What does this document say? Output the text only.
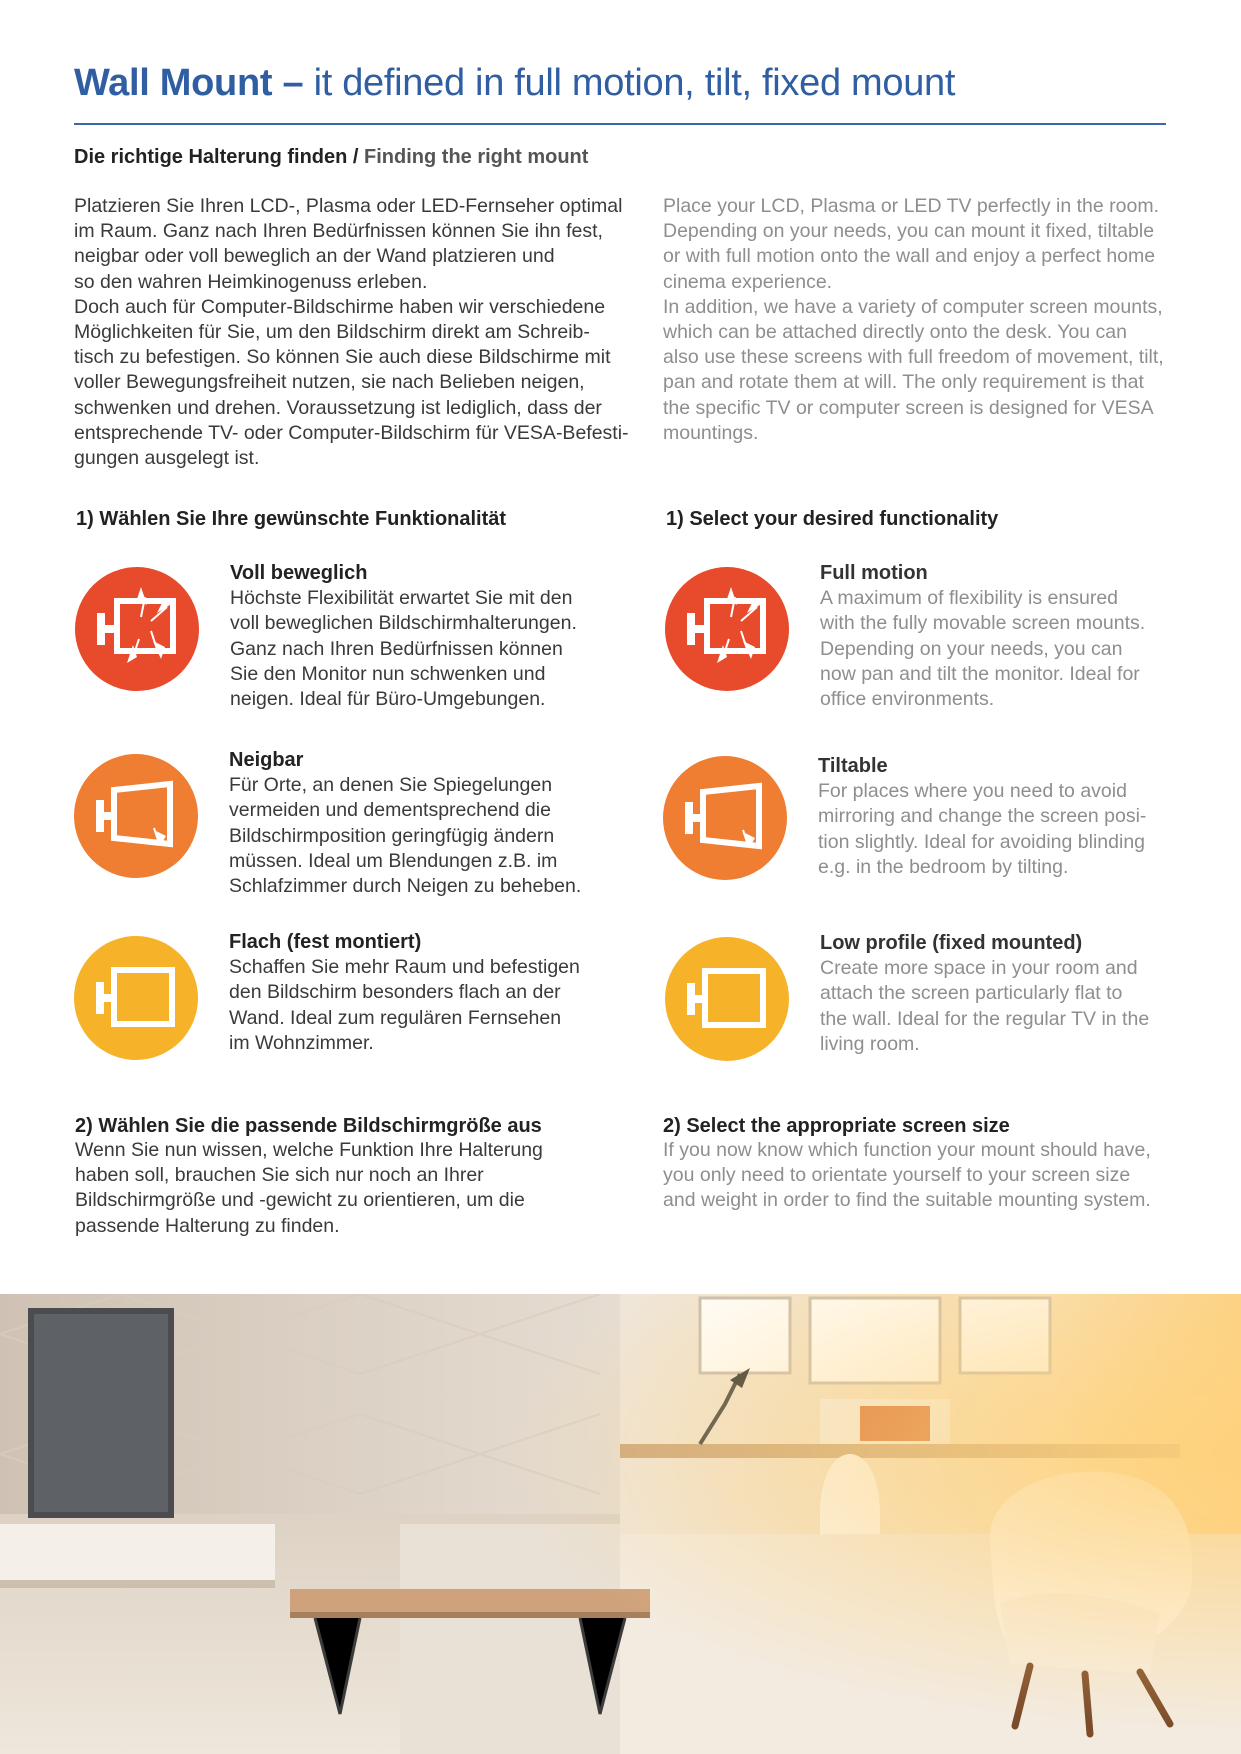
Wall Mount – it defined in full motion, tilt, fixed mount
Die richtige Halterung finden / Finding the right mount
Platzieren Sie Ihren LCD-, Plasma oder LED-Fernseher optimal
im Raum. Ganz nach Ihren Bedürfnissen können Sie ihn fest,
neigbar oder voll beweglich an der Wand platzieren und
so den wahren Heimkinogenuss erleben.
Doch auch für Computer-Bildschirme haben wir verschiedene
Möglichkeiten für Sie, um den Bildschirm direkt am Schreib-
tisch zu befestigen. So können Sie auch diese Bildschirme mit
voller Bewegungsfreiheit nutzen, sie nach Belieben neigen,
schwenken und drehen. Voraussetzung ist lediglich, dass der
entsprechende TV- oder Computer-Bildschirm für VESA-Befesti-
gungen ausgelegt ist.
Place your LCD, Plasma or LED TV perfectly in the room.
Depending on your needs, you can mount it fixed, tiltable
or with full motion onto the wall and enjoy a perfect home
cinema experience.
In addition, we have a variety of computer screen mounts,
which can be attached directly onto the desk. You can
also use these screens with full freedom of movement, tilt,
pan and rotate them at will. The only requirement is that
the specific TV or computer screen is designed for VESA
mountings.
1) Wählen Sie Ihre gewünschte Funktionalität	1) Select your desired functionality

Voll beweglich

Höchste Flexibilität erwartet Sie mit den
voll beweglichen Bildschirmhalterungen.
Ganz nach Ihren Bedürfnissen können
Sie den Monitor nun schwenken und
neigen. Ideal für Büro-Umgebungen.

Neigbar

Für Orte, an denen Sie Spiegelungen
vermeiden und dementsprechend die
Bildschirmposition geringfügig ändern
müssen. Ideal um Blendungen z.B. im
Schlafzimmer durch Neigen zu beheben.

Flach (fest montiert)

Schaffen Sie mehr Raum und befestigen
den Bildschirm besonders flach an der
Wand. Ideal zum regulären Fernsehen
im Wohnzimmer.

Full motion

A maximum of flexibility is ensured
with the fully movable screen mounts.
Depending on your needs, you can
now pan and tilt the monitor. Ideal for
office environments.

Tiltable

For places where you need to avoid
mirroring and change the screen posi-
tion slightly. Ideal for avoiding blinding
e.g. in the bedroom by tilting.

Low profile (fixed mounted)

Create more space in your room and
attach the screen particularly flat to
the wall. Ideal for the regular TV in the
living room.

2) Wählen Sie die passende Bildschirmgröße aus

Wenn Sie nun wissen, welche Funktion Ihre Halterung
haben soll, brauchen Sie sich nur noch an Ihrer
Bildschirmgröße und -gewicht zu orientieren, um die
passende Halterung zu finden.

2) Select the appropriate screen size

If you now know which function your mount should have,
you only need to orientate yourself to your screen size
and weight in order to find the suitable mounting system.
